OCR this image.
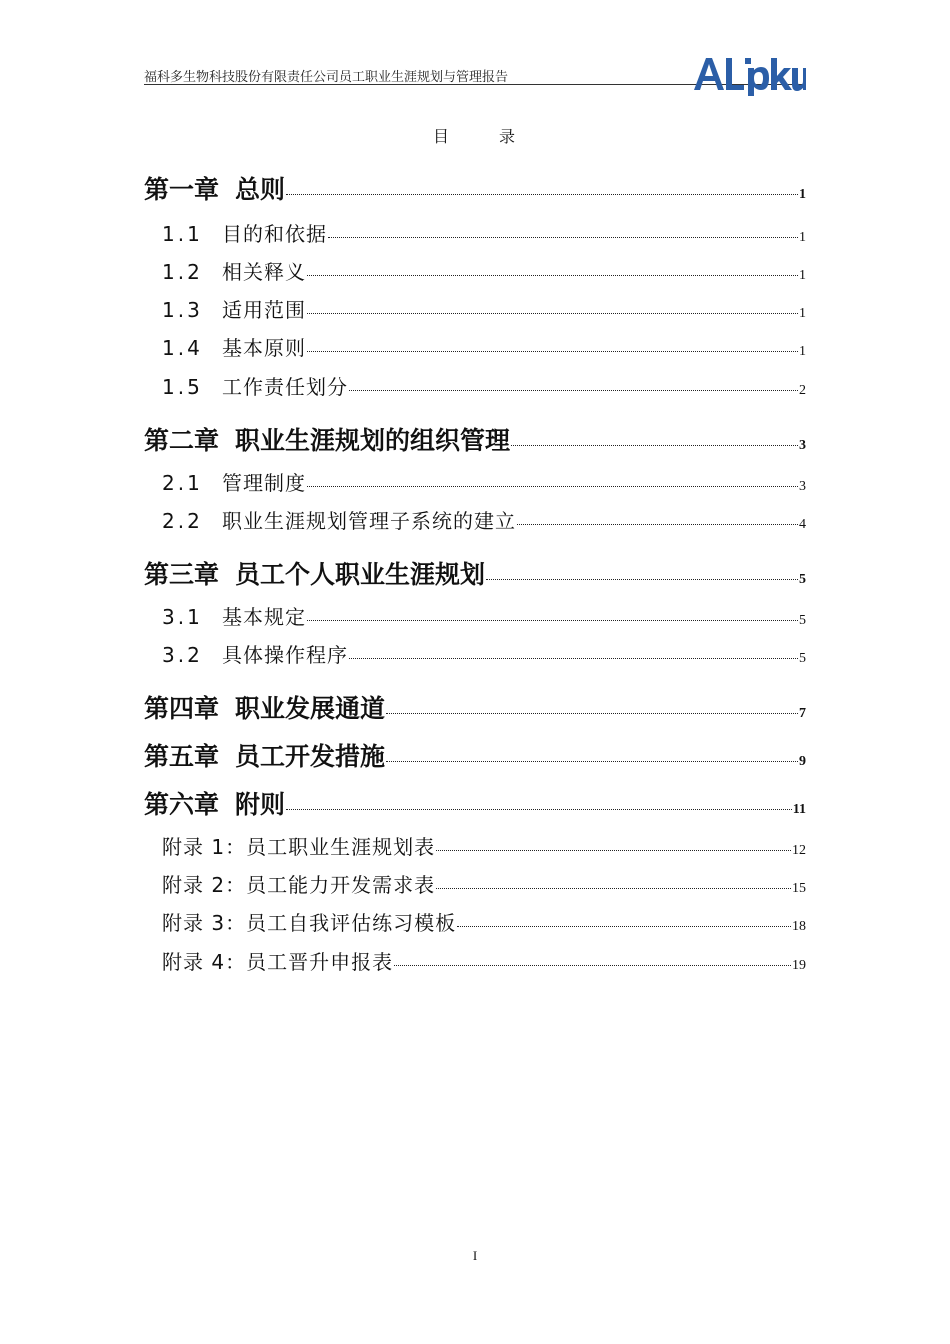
福科多生物科技股份有限责任公司员工职业生涯规划与管理报告
目	录
第一章 总则	1
1.1 目的和依据	1
1.2 相关释义	1
1.3 适用范围	1
1.4 基本原则	1
1.5 工作责任划分	2
第二章 职业生涯规划的组织管理	3
2.1 管理制度	3
2.2 职业生涯规划管理子系统的建立	4
第三章 员工个人职业生涯规划	5
3.1 基本规定	5
3.2 具体操作程序	5
第四章 职业发展通道	7
第五章 员工开发措施	9
第六章 附则	11
附录 1：员工职业生涯规划表	12
附录 2：员工能力开发需求表	15
附录 3：员工自我评估练习模板	18
附录 4：员工晋升申报表	19
I
